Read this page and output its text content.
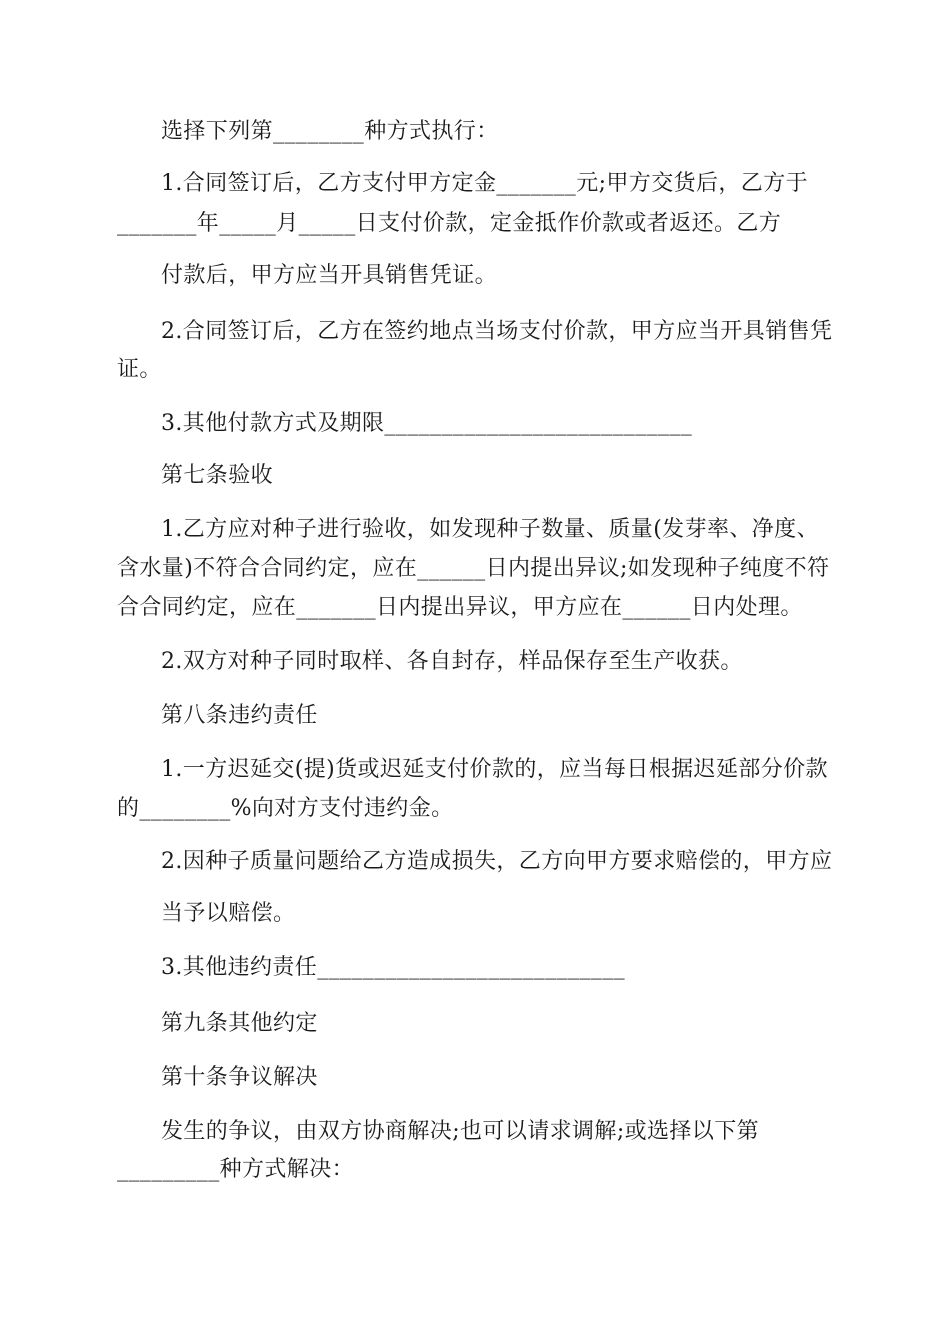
选择下列第________种方式执行：
1.合同签订后，乙方支付甲方定金_______元;甲方交货后，乙方于
_______年_____月_____日支付价款，定金抵作价款或者返还。乙方
付款后，甲方应当开具销售凭证。
2.合同签订后，乙方在签约地点当场支付价款，甲方应当开具销售凭
证。
3.其他付款方式及期限___________________________
第七条验收
1.乙方应对种子进行验收，如发现种子数量、质量(发芽率、净度、
含水量)不符合合同约定，应在______日内提出异议;如发现种子纯度不符
合合同约定，应在_______日内提出异议，甲方应在______日内处理。
2.双方对种子同时取样、各自封存，样品保存至生产收获。
第八条违约责任
1.一方迟延交(提)货或迟延支付价款的，应当每日根据迟延部分价款
的________%向对方支付违约金。
2.因种子质量问题给乙方造成损失，乙方向甲方要求赔偿的，甲方应
当予以赔偿。
3.其他违约责任___________________________
第九条其他约定
第十条争议解决
发生的争议，由双方协商解决;也可以请求调解;或选择以下第
_________种方式解决：
